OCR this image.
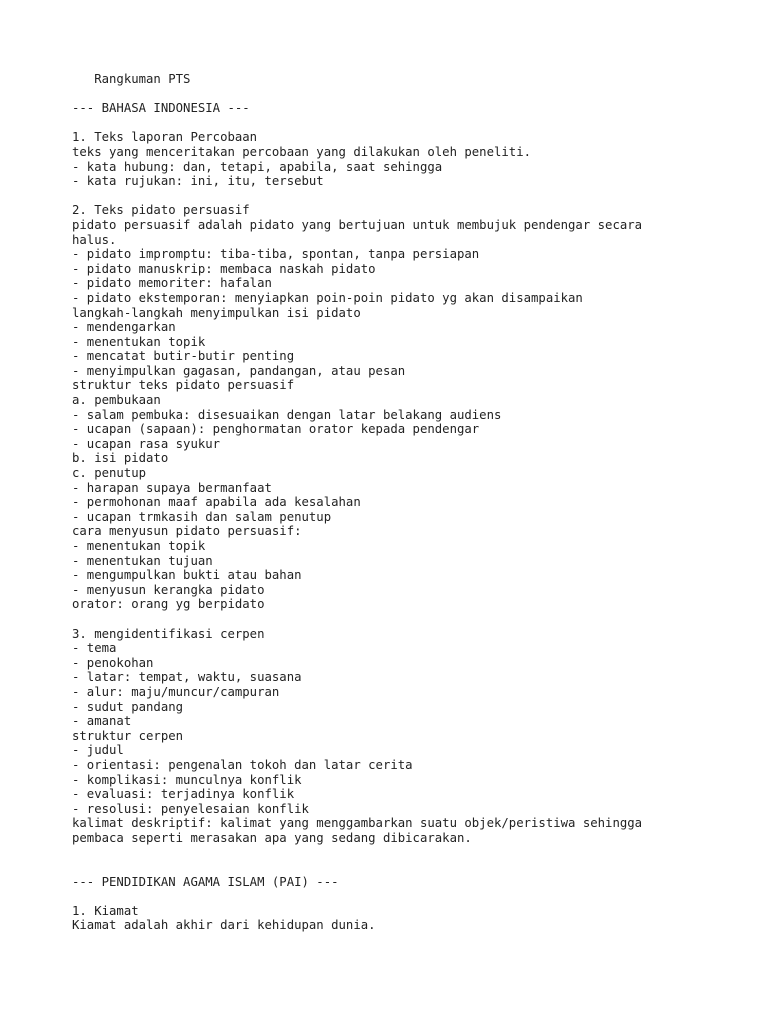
Rangkuman PTS
--- BAHASA INDONESIA ---
1. Teks laporan Percobaan
teks yang menceritakan percobaan yang dilakukan oleh peneliti.
- kata hubung: dan, tetapi, apabila, saat sehingga
- kata rujukan: ini, itu, tersebut
2. Teks pidato persuasif
pidato persuasif adalah pidato yang bertujuan untuk membujuk pendengar secara
halus.
- pidato impromptu: tiba-tiba, spontan, tanpa persiapan
- pidato manuskrip: membaca naskah pidato
- pidato memoriter: hafalan
- pidato ekstemporan: menyiapkan poin-poin pidato yg akan disampaikan
langkah-langkah menyimpulkan isi pidato
- mendengarkan
- menentukan topik
- mencatat butir-butir penting
- menyimpulkan gagasan, pandangan, atau pesan
struktur teks pidato persuasif
a. pembukaan
- salam pembuka: disesuaikan dengan latar belakang audiens
- ucapan (sapaan): penghormatan orator kepada pendengar
- ucapan rasa syukur
b. isi pidato
c. penutup
- harapan supaya bermanfaat
- permohonan maaf apabila ada kesalahan
- ucapan trmkasih dan salam penutup
cara menyusun pidato persuasif:
- menentukan topik
- menentukan tujuan
- mengumpulkan bukti atau bahan
- menyusun kerangka pidato
orator: orang yg berpidato
3. mengidentifikasi cerpen
- tema
- penokohan
- latar: tempat, waktu, suasana
- alur: maju/muncur/campuran
- sudut pandang
- amanat
struktur cerpen
- judul
- orientasi: pengenalan tokoh dan latar cerita
- komplikasi: munculnya konflik
- evaluasi: terjadinya konflik
- resolusi: penyelesaian konflik
kalimat deskriptif: kalimat yang menggambarkan suatu objek/peristiwa sehingga
pembaca seperti merasakan apa yang sedang dibicarakan.
--- PENDIDIKAN AGAMA ISLAM (PAI) ---
1. Kiamat
Kiamat adalah akhir dari kehidupan dunia.
